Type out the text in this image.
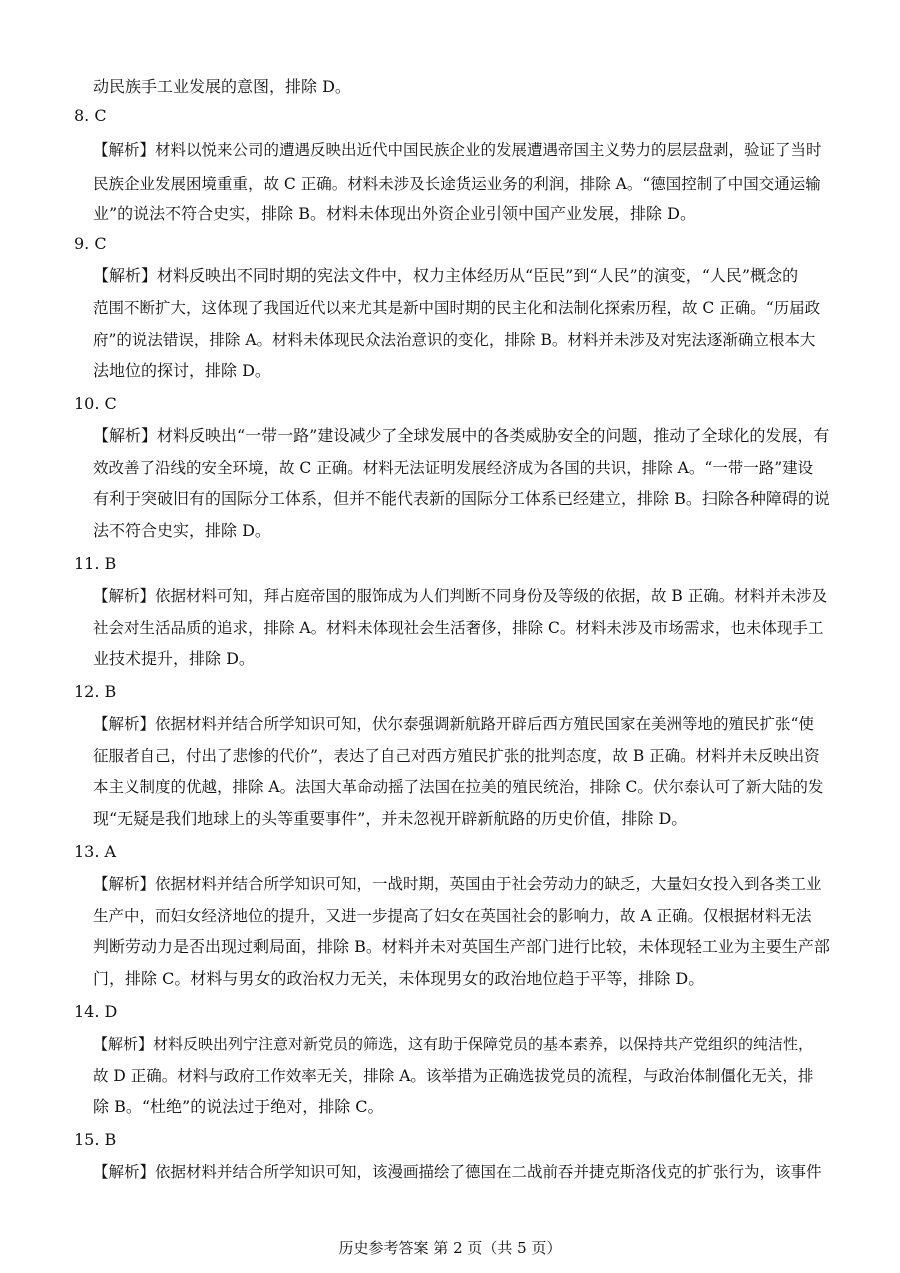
动民族手工业发展的意图，排除 D。
8. C
【解析】材料以悦来公司的遭遇反映出近代中国民族企业的发展遭遇帝国主义势力的层层盘剥，验证了当时
民族企业发展困境重重，故 C 正确。材料未涉及长途货运业务的利润，排除 A。“德国控制了中国交通运输
业”的说法不符合史实，排除 B。材料未体现出外资企业引领中国产业发展，排除 D。
9. C
【解析】材料反映出不同时期的宪法文件中，权力主体经历从“臣民”到“人民”的演变，“人民”概念的
范围不断扩大，这体现了我国近代以来尤其是新中国时期的民主化和法制化探索历程，故 C 正确。“历届政
府”的说法错误，排除 A。材料未体现民众法治意识的变化，排除 B。材料并未涉及对宪法逐渐确立根本大
法地位的探讨，排除 D。
10. C
【解析】材料反映出“一带一路”建设减少了全球发展中的各类威胁安全的问题，推动了全球化的发展，有
效改善了沿线的安全环境，故 C 正确。材料无法证明发展经济成为各国的共识，排除 A。“一带一路”建设
有利于突破旧有的国际分工体系，但并不能代表新的国际分工体系已经建立，排除 B。扫除各种障碍的说
法不符合史实，排除 D。
11. B
【解析】依据材料可知，拜占庭帝国的服饰成为人们判断不同身份及等级的依据，故 B 正确。材料并未涉及
社会对生活品质的追求，排除 A。材料未体现社会生活奢侈，排除 C。材料未涉及市场需求，也未体现手工
业技术提升，排除 D。
12. B
【解析】依据材料并结合所学知识可知，伏尔泰强调新航路开辟后西方殖民国家在美洲等地的殖民扩张“使
征服者自己，付出了悲惨的代价”，表达了自己对西方殖民扩张的批判态度，故 B 正确。材料并未反映出资
本主义制度的优越，排除 A。法国大革命动摇了法国在拉美的殖民统治，排除 C。伏尔泰认可了新大陆的发
现“无疑是我们地球上的头等重要事件”，并未忽视开辟新航路的历史价值，排除 D。
13. A
【解析】依据材料并结合所学知识可知，一战时期，英国由于社会劳动力的缺乏，大量妇女投入到各类工业
生产中，而妇女经济地位的提升，又进一步提高了妇女在英国社会的影响力，故 A 正确。仅根据材料无法
判断劳动力是否出现过剩局面，排除 B。材料并未对英国生产部门进行比较，未体现轻工业为主要生产部
门，排除 C。材料与男女的政治权力无关，未体现男女的政治地位趋于平等，排除 D。
14. D
【解析】材料反映出列宁注意对新党员的筛选，这有助于保障党员的基本素养，以保持共产党组织的纯洁性，
故 D 正确。材料与政府工作效率无关，排除 A。该举措为正确选拔党员的流程，与政治体制僵化无关，排
除 B。“杜绝”的说法过于绝对，排除 C。
15. B
【解析】依据材料并结合所学知识可知，该漫画描绘了德国在二战前吞并捷克斯洛伐克的扩张行为，该事件
历史参考答案 第 2 页（共 5 页）
